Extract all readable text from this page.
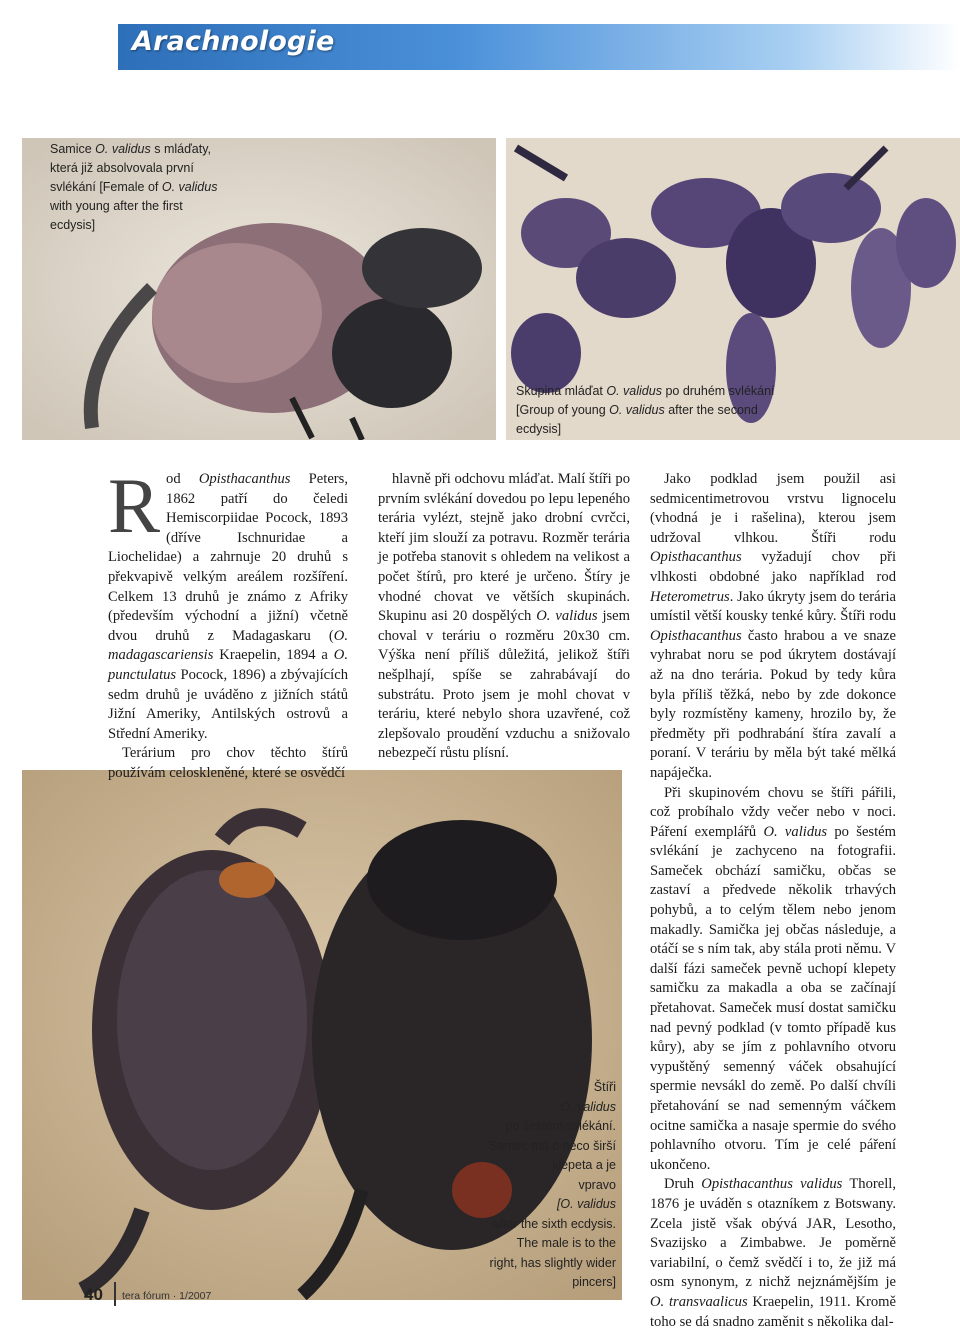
Arachnologie
Samice O. validus s mláďaty, která již absolvovala první svlékání [Female of O. validus with young after the first ecdysis]
Skupina mláďat O. validus po druhém svlékání [Group of young O. validus after the second ecdysis]
Štíři
O. validus
po šestém svlékání.
Samec má o něco širší
klepeta a je
vpravo
[O. validus
after the sixth ecdysis.
The male is to the
right, has slightly wider
pincers]

Rod Opisthacanthus Peters, 1862 patří do čeledi Hemiscorpiidae Pocock, 1893 (dříve Ischnuridae a Liochelidae) a zahrnuje 20 druhů s překvapivě velkým areálem rozšíření. Celkem 13 druhů je známo z Afriky (především východní a jižní) včetně dvou druhů z Madagaskaru (O. madagascariensis Kraepelin, 1894 a O. punctulatus Pocock, 1896) a zbývajících sedm druhů je uváděno z jižních států Jižní Ameriky, Antilských ostrovů a Střední Ameriky.

Terárium pro chov těchto štírů používám celoskleněné, které se osvědčí

hlavně při odchovu mláďat. Malí štíři po prvním svlékání dovedou po lepu lepeného terária vylézt, stejně jako drobní cvrčci, kteří jim slouží za potravu. Rozměr terária je potřeba stanovit s ohledem na velikost a počet štírů, pro které je určeno. Štíry je vhodné chovat ve větších skupinách. Skupinu asi 20 dospělých O. validus jsem choval v teráriu o rozměru 20x30 cm. Výška není příliš důležitá, jelikož štíři nešplhají, spíše se zahrabávají do substrátu. Proto jsem je mohl chovat v teráriu, které nebylo shora uzavřené, což zlepšovalo proudění vzduchu a snižovalo nebezpečí růstu plísní.

Jako podklad jsem použil asi sedmicentimetrovou vrstvu lignocelu (vhodná je i rašelina), kterou jsem udržoval vlhkou. Štíři rodu Opisthacanthus vyžadují chov při vlhkosti obdobné jako například rod Heterometrus. Jako úkryty jsem do terária umístil větší kousky tenké kůry. Štíři rodu Opisthacanthus často hrabou a ve snaze vyhrabat noru se pod úkrytem dostávají až na dno terária. Pokud by tedy kůra byla příliš těžká, nebo by zde dokonce byly rozmístěny kameny, hrozilo by, že předměty při podhrabání štíra zavalí a poraní. V teráriu by měla být také mělká napáječka.

Při skupinovém chovu se štíři pářili, což probíhalo vždy večer nebo v noci. Páření exemplářů O. validus po šestém svlékání je zachyceno na fotografii. Sameček obchází samičku, občas se zastaví a předvede několik trhavých pohybů, a to celým tělem nebo jenom makadly. Samička jej občas následuje, a otáčí se s ním tak, aby stála proti němu. V další fázi sameček pevně uchopí klepety samičku za makadla a oba se začínají přetahovat. Sameček musí dostat samičku nad pevný podklad (v tomto případě kus kůry), aby se jím z pohlavního otvoru vypuštěný semenný váček obsahující spermie nevsákl do země. Po další chvíli přetahování se nad semenným váčkem ocitne samička a nasaje spermie do svého pohlavního otvoru. Tím je celé páření ukončeno.

Druh Opisthacanthus validus Thorell, 1876 je uváděn s otazníkem z Botswany. Zcela jistě však obývá JAR, Lesotho, Svazijsko a Zimbabwe. Je poměrně variabilní, o čemž svědčí i to, že již má osm synonym, z nichž nejznámějším je O. transvaalicus Kraepelin, 1911. Kromě toho se dá snadno zaměnit s několika dal-

40 tera fórum · 1/2007
